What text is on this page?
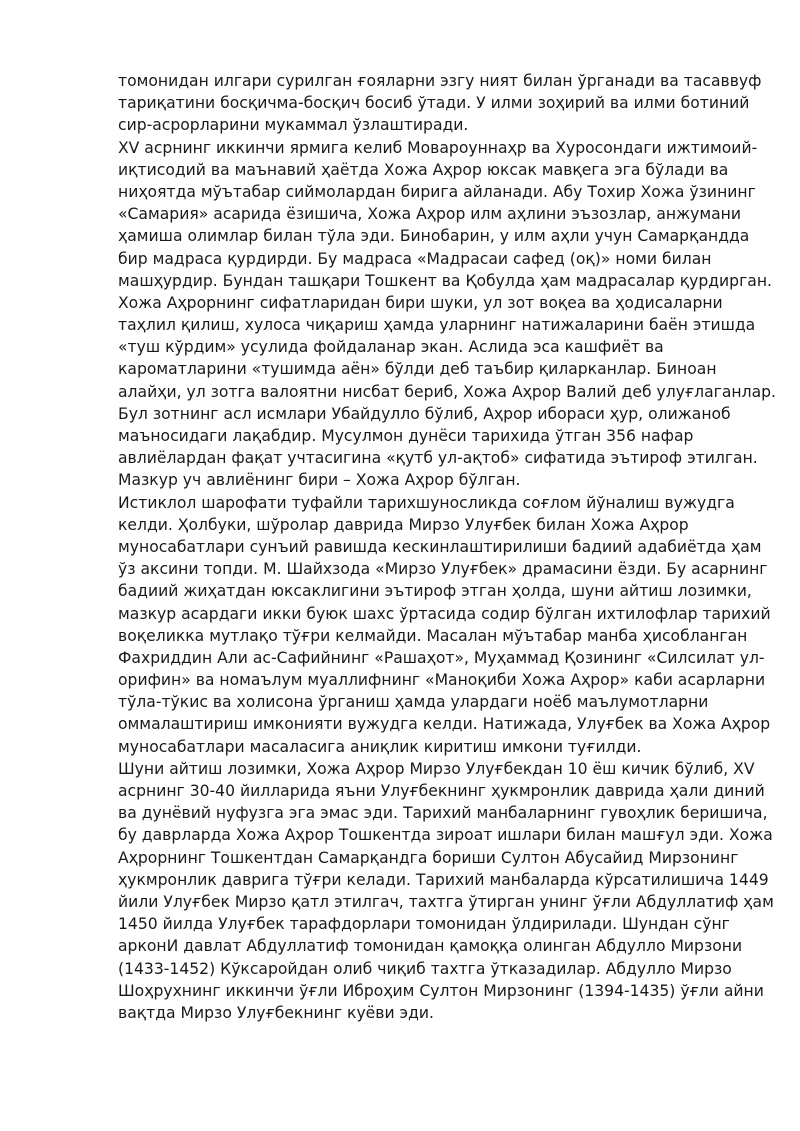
томонидан илгари сурилган ғояларни эзгу ният билан ўрганади ва тасаввуф
тариқатини босқичма-босқич босиб ўтади. У илми зоҳирий ва илми ботиний
сир-асрорларини мукаммал ўзлаштиради.
XV асрнинг иккинчи ярмига келиб Мовароуннаҳр ва Хуросондаги ижтимоий-
иқтисодий ва маънавий ҳаётда Хожа Аҳрор юксак мавқега эга бўлади ва
ниҳоятда мўътабар сиймолардан бирига айланади. Абу Тохир Хожа ўзининг
«Самария» асарида ёзишича, Хожа Аҳрор илм аҳлини эъзозлар, анжумани
ҳамиша олимлар билан тўла эди. Бинобарин, у илм аҳли учун Самарқандда
бир мадраса қурдирди. Бу мадраса «Мадрасаи сафед (оқ)» номи билан
машҳурдир. Бундан ташқари Тошкент ва Қобулда ҳам мадрасалар қурдирган.
Хожа Аҳрорнинг сифатларидан бири шуки, ул зот воқеа ва ҳодисаларни
таҳлил қилиш, хулоса чиқариш ҳамда уларнинг натижаларини баён этишда
«туш кўрдим» усулида фойдаланар экан. Аслида эса кашфиёт ва
кароматларини «тушимда аён» бўлди деб таъбир қиларканлар. Биноан
алайҳи, ул зотга валоятни нисбат бериб, Хожа Аҳрор Валий деб улуғлаганлар.
Бул зотнинг асл исмлари Убайдулло бўлиб, Аҳрор ибораси ҳур, олижаноб
маъносидаги лақабдир. Мусулмон дунёси тарихида ўтган 356 нафар
авлиёлардан фақат учтасигина «қутб ул-ақтоб» сифатида эътироф этилган.
Мазкур уч авлиёнинг бири – Хожа Аҳрор бўлган.
Истиклол шарофати туфайли тарихшуносликда соғлом йўналиш вужудга
келди. Ҳолбуки, шўролар даврида Мирзо Улуғбек билан Хожа Аҳрор
муносабатлари сунъий равишда кескинлаштирилиши бадиий адабиётда ҳам
ўз аксини топди. М. Шайхзода «Мирзо Улуғбек» драмасини ёзди. Бу асарнинг
бадиий жиҳатдан юксаклигини эътироф этган ҳолда, шуни айтиш лозимки,
мазкур асардаги икки буюк шахс ўртасида содир бўлган ихтилофлар тарихий
воқеликка мутлақо тўғри келмайди. Масалан мўътабар манба ҳисобланган
Фахриддин Али ас-Сафийнинг «Рашаҳот», Муҳаммад Қозининг «Силсилат ул-
орифин» ва номаълум муаллифнинг «Маноқиби Хожа Аҳрор» каби асарларни
тўла-тўкис ва холисона ўрганиш ҳамда улардаги ноёб маълумотларни
оммалаштириш имконияти вужудга келди. Натижада, Улуғбек ва Хожа Аҳрор
муносабатлари масаласига аниқлик киритиш имкони туғилди.
Шуни айтиш лозимки, Хожа Аҳрор Мирзо Улуғбекдан 10 ёш кичик бўлиб, XV
асрнинг 30-40 йилларида яъни Улуғбекнинг ҳукмронлик даврида ҳали диний
ва дунёвий нуфузга эга эмас эди. Тарихий манбаларнинг гувоҳлик беришича,
бу даврларда Хожа Аҳрор Тошкентда зироат ишлари билан машғул эди. Хожа
Аҳрорнинг Тошкентдан Самарқандга бориши Султон Абусайид Мирзонинг
ҳукмронлик даврига тўғри келади. Тарихий манбаларда кўрсатилишича 1449
йили Улуғбек Мирзо қатл этилгач, тахтга ўтирган унинг ўғли Абдуллатиф ҳам
1450 йилда Улуғбек тарафдорлари томонидан ўлдирилади. Шундан сўнг
арконИ давлат Абдуллатиф томонидан қамоққа олинган Абдулло Мирзони
(1433-1452) Кўксаройдан олиб чиқиб тахтга ўтказадилар. Абдулло Мирзо
Шоҳрухнинг иккинчи ўғли Иброҳим Султон Мирзонинг (1394-1435) ўғли айни
вақтда Мирзо Улуғбекнинг куёви эди.
